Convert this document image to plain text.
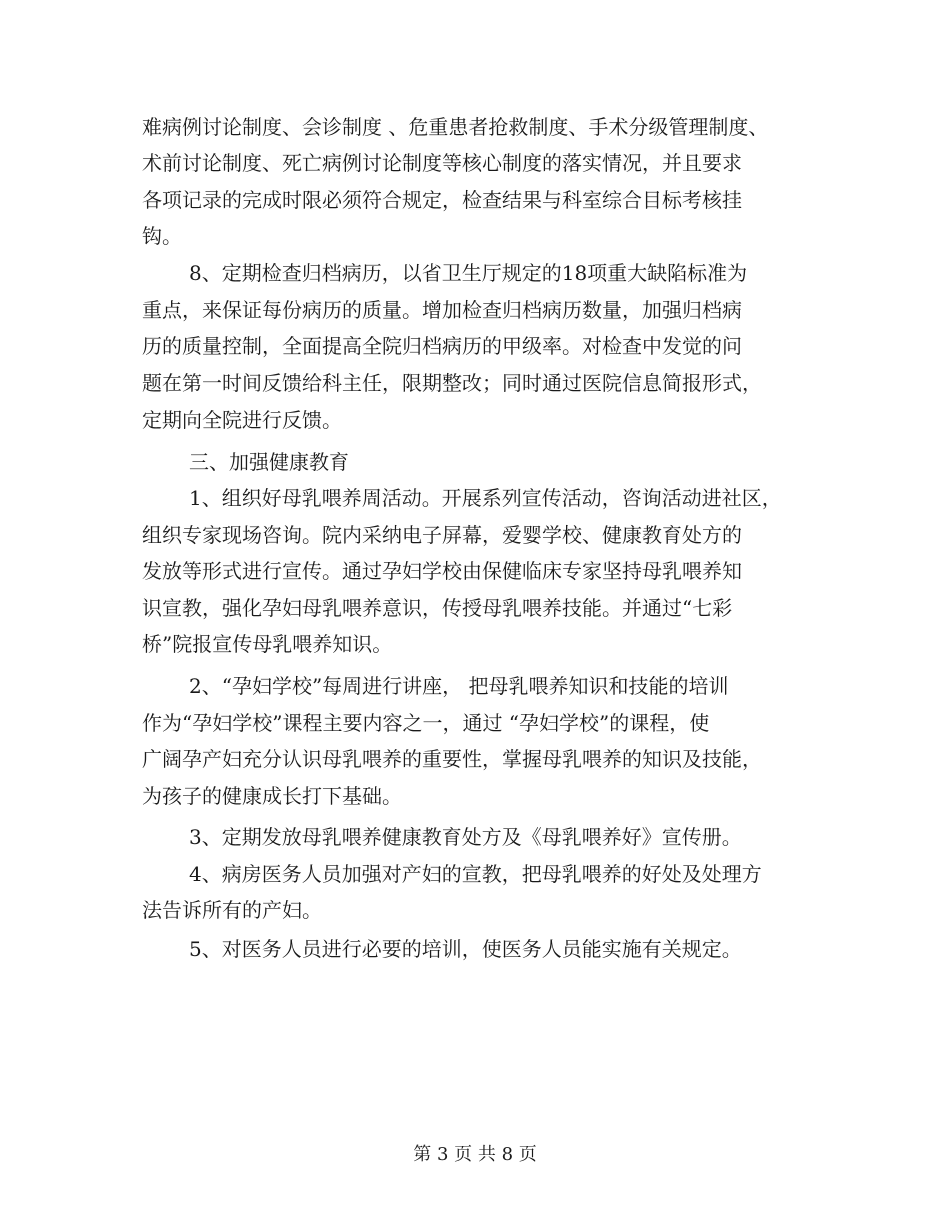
难病例讨论制度、会诊制度 、危重患者抢救制度、手术分级管理制度、
术前讨论制度、死亡病例讨论制度等核心制度的落实情况，并且要求
各项记录的完成时限必须符合规定，检查结果与科室综合目标考核挂
钩。
8、定期检查归档病历，以省卫生厅规定的18项重大缺陷标准为
重点，来保证每份病历的质量。增加检查归档病历数量，加强归档病
历的质量控制，全面提高全院归档病历的甲级率。对检查中发觉的问
题在第一时间反馈给科主任，限期整改；同时通过医院信息简报形式，
定期向全院进行反馈。
三、加强健康教育
1、组织好母乳喂养周活动。开展系列宣传活动，咨询活动进社区，
组织专家现场咨询。院内采纳电子屏幕，爱婴学校、健康教育处方的
发放等形式进行宣传。通过孕妇学校由保健临床专家坚持母乳喂养知
识宣教，强化孕妇母乳喂养意识，传授母乳喂养技能。并通过“七彩
桥”院报宣传母乳喂养知识。
2、“孕妇学校”每周进行讲座， 把母乳喂养知识和技能的培训
作为“孕妇学校”课程主要内容之一，通过 “孕妇学校”的课程，使
广阔孕产妇充分认识母乳喂养的重要性，掌握母乳喂养的知识及技能，
为孩子的健康成长打下基础。
3、定期发放母乳喂养健康教育处方及《母乳喂养好》宣传册。
4、病房医务人员加强对产妇的宣教，把母乳喂养的好处及处理方
法告诉所有的产妇。
5、对医务人员进行必要的培训，使医务人员能实施有关规定。
第 3 页 共 8 页
